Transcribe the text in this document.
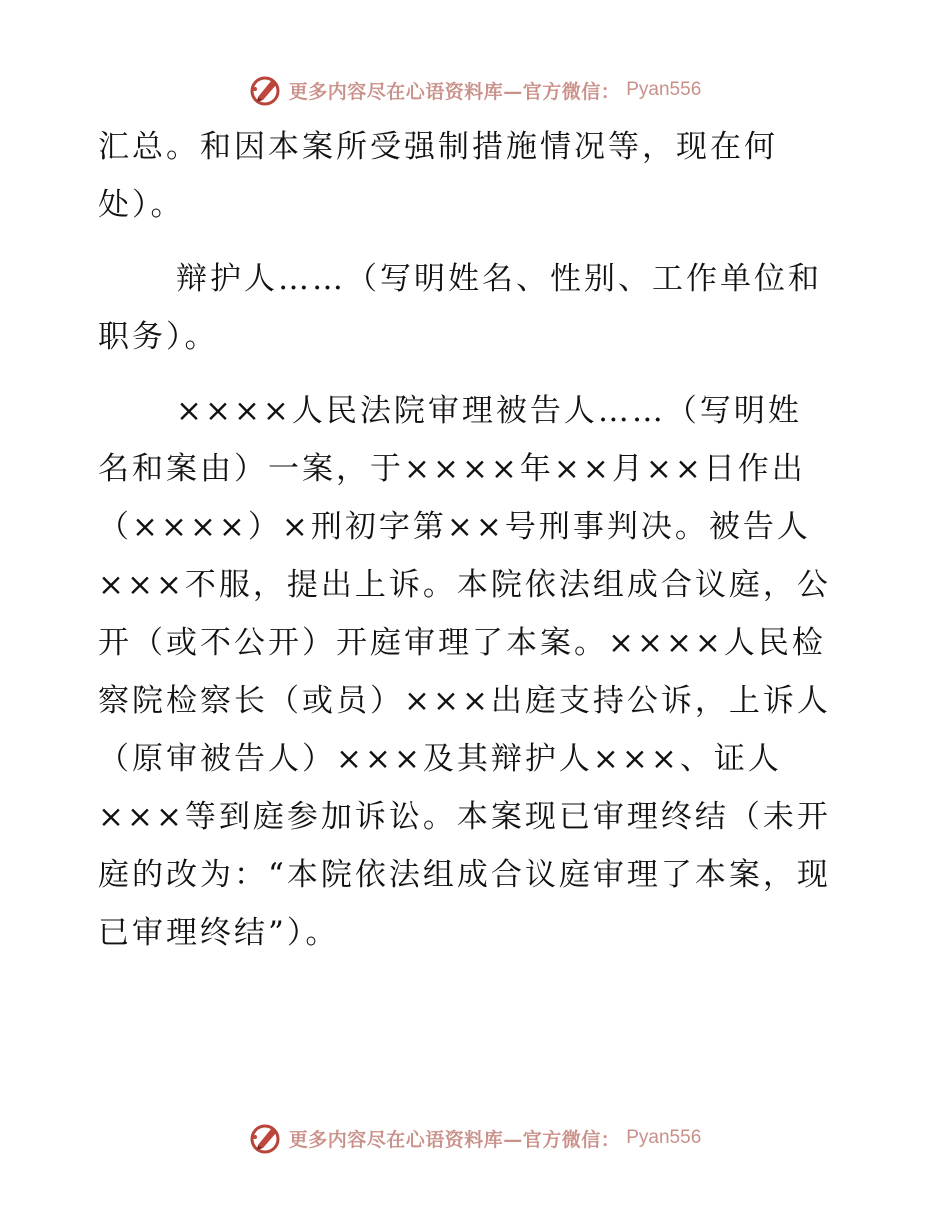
更多内容尽在心语资料库—官方微信： Pyan556
汇总。和因本案所受强制措施情况等，现在何
处）。
辩护人……（写明姓名、性别、工作单位和
职务）。
××××人民法院审理被告人……（写明姓
名和案由）一案，于××××年××月××日作出
（××××）×刑初字第××号刑事判决。被告人
×××不服，提出上诉。本院依法组成合议庭，公
开（或不公开）开庭审理了本案。××××人民检
察院检察长（或员）×××出庭支持公诉，上诉人
（原审被告人）×××及其辩护人×××、证人
×××等到庭参加诉讼。本案现已审理终结（未开
庭的改为：“本院依法组成合议庭审理了本案，现
已审理终结”）。
更多内容尽在心语资料库—官方微信： Pyan556
